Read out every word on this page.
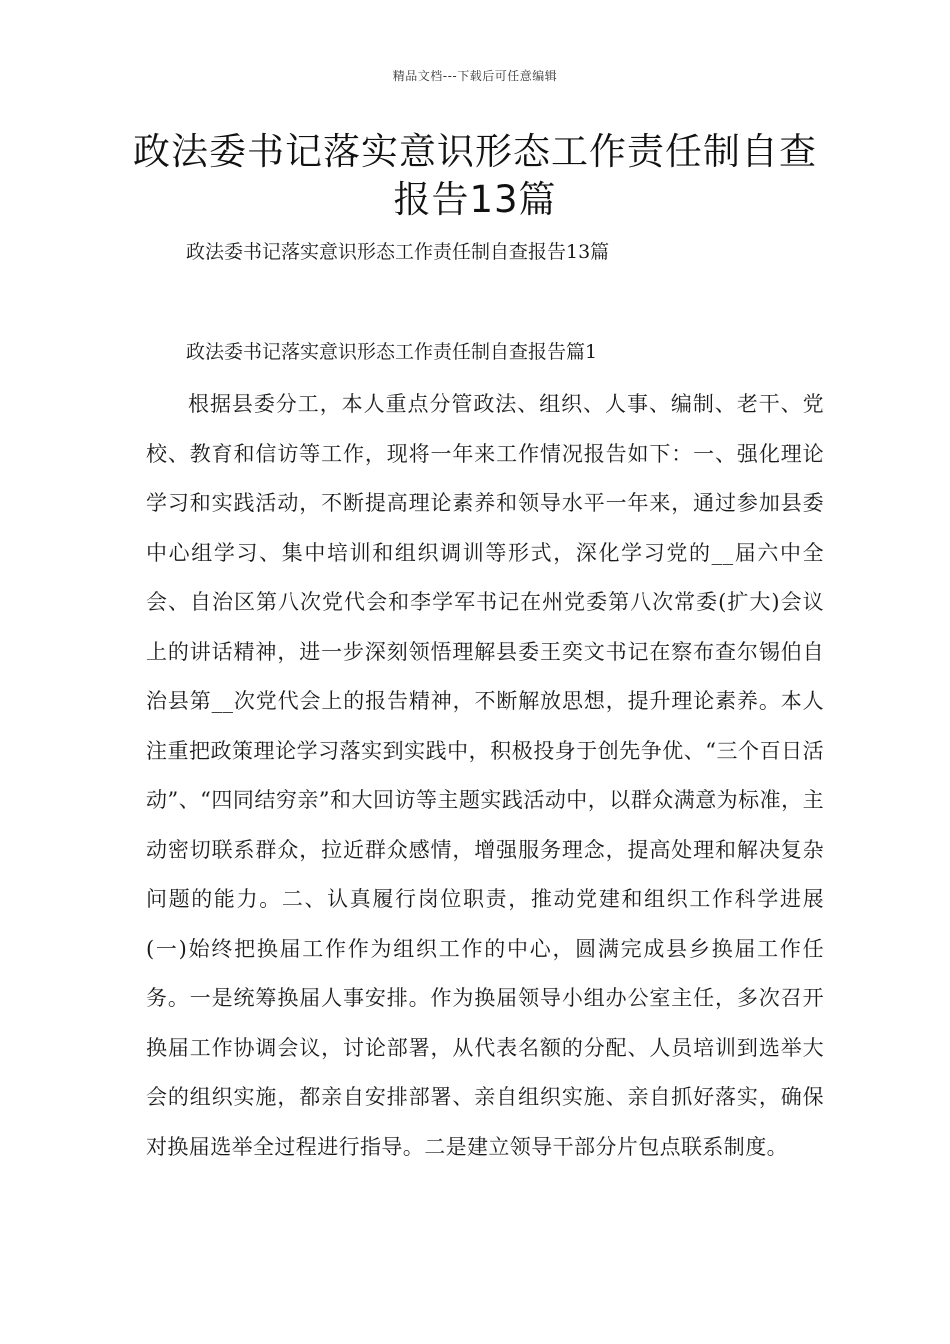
精品文档---下载后可任意编辑
政法委书记落实意识形态工作责任制自查报告13篇
政法委书记落实意识形态工作责任制自查报告13篇
政法委书记落实意识形态工作责任制自查报告篇1

根据县委分工，本人重点分管政法、组织、人事、编制、老干、党校、教育和信访等工作，现将一年来工作情况报告如下：一、强化理论学习和实践活动，不断提高理论素养和领导水平一年来，通过参加县委中心组学习、集中培训和组织调训等形式，深化学习党的__届六中全会、自治区第八次党代会和李学军书记在州党委第八次常委(扩大)会议上的讲话精神，进一步深刻领悟理解县委王奕文书记在察布查尔锡伯自治县第__次党代会上的报告精神，不断解放思想，提升理论素养。本人注重把政策理论学习落实到实践中，积极投身于创先争优、“三个百日活动”、“四同结穷亲”和大回访等主题实践活动中，以群众满意为标准，主动密切联系群众，拉近群众感情，增强服务理念，提高处理和解决复杂问题的能力。二、认真履行岗位职责，推动党建和组织工作科学进展(一)始终把换届工作作为组织工作的中心，圆满完成县乡换届工作任务。一是统筹换届人事安排。作为换届领导小组办公室主任，多次召开换届工作协调会议，讨论部署，从代表名额的分配、人员培训到选举大会的组织实施，都亲自安排部署、亲自组织实施、亲自抓好落实，确保对换届选举全过程进行指导。二是建立领导干部分片包点联系制度。
